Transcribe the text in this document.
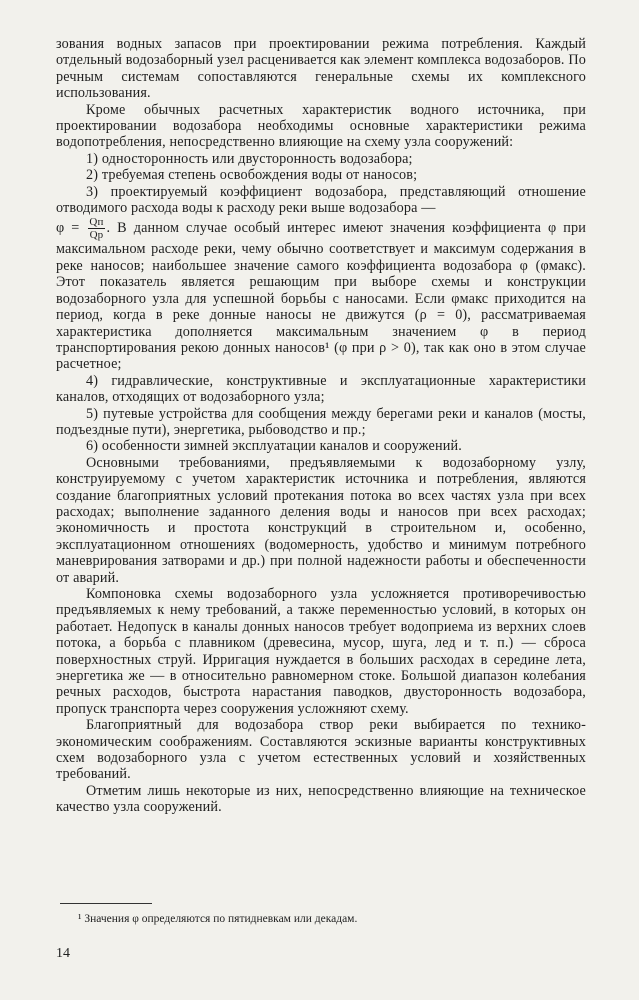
зования водных запасов при проектировании режима потребления. Каждый отдельный водозаборный узел расценивается как элемент комплекса водозаборов. По речным системам сопоставляются генеральные схемы их комплексного использования.

Кроме обычных расчетных характеристик водного источника, при проектировании водозабора необходимы основные характеристики режима водопотребления, непосредственно влияющие на схему узла сооружений:

1) односторонность или двусторонность водозабора;

2) требуемая степень освобождения воды от наносов;

3) проектируемый коэффициент водозабора, представляющий отношение отводимого расхода воды к расходу реки выше водозабора —

$\varphi = \frac{Qп}{Qр}$ . В данном случае особый интерес имеют значения коэффициента φ при максимальном расходе реки, чему обычно соответствует и максимум содержания в реке наносов; наибольшее значение самого коэффициента водозабора φ (φмакс). Этот показатель является решающим при выборе схемы и конструкции водозаборного узла для успешной борьбы с наносами. Если φмакс приходится на период, когда в реке донные наносы не движутся (ρ = 0), рассматриваемая характеристика дополняется максимальным значением φ в период транспортирования рекою донных наносов¹ (φ при ρ > 0), так как оно в этом случае расчетное;

4) гидравлические, конструктивные и эксплуатационные характеристики каналов, отходящих от водозаборного узла;

5) путевые устройства для сообщения между берегами реки и каналов (мосты, подъездные пути), энергетика, рыбоводство и пр.;

6) особенности зимней эксплуатации каналов и сооружений.

Основными требованиями, предъявляемыми к водозаборному узлу, конструируемому с учетом характеристик источника и потребления, являются создание благоприятных условий протекания потока во всех частях узла при всех расходах; выполнение заданного деления воды и наносов при всех расходах; экономичность и простота конструкций в строительном и, особенно, эксплуатационном отношениях (водомерность, удобство и минимум потребного маневрирования затворами и др.) при полной надежности работы и обеспеченности от аварий.

Компоновка схемы водозаборного узла усложняется противоречивостью предъявляемых к нему требований, а также переменностью условий, в которых он работает. Недопуск в каналы донных наносов требует водоприема из верхних слоев потока, а борьба с плавником (древесина, мусор, шуга, лед и т. п.) — сброса поверхностных струй. Ирригация нуждается в больших расходах в середине лета, энергетика же — в относительно равномерном стоке. Большой диапазон колебания речных расходов, быстрота нарастания паводков, двусторонность водозабора, пропуск транспорта через сооружения усложняют схему.

Благоприятный для водозабора створ реки выбирается по технико-экономическим соображениям. Составляются эскизные варианты конструктивных схем водозаборного узла с учетом естественных условий и хозяйственных требований.

Отметим лишь некоторые из них, непосредственно влияющие на техническое качество узла сооружений.

¹ Значения φ определяются по пятидневкам или декадам.
14
